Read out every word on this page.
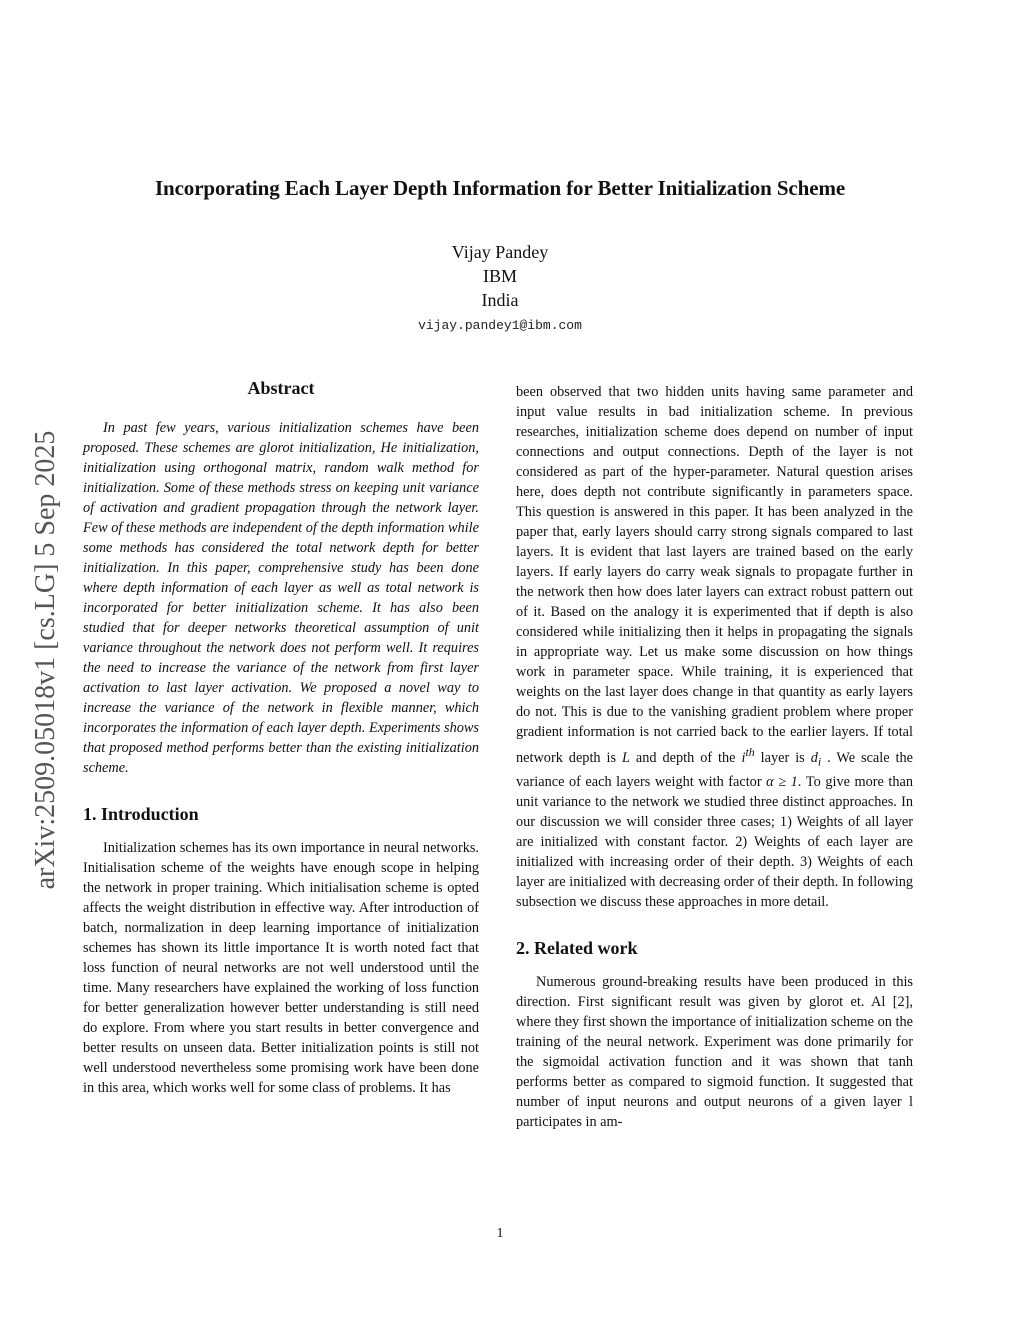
Incorporating Each Layer Depth Information for Better Initialization Scheme
Vijay Pandey
IBM
India
vijay.pandey1@ibm.com
arXiv:2509.05018v1 [cs.LG] 5 Sep 2025
Abstract

In past few years, various initialization schemes have been proposed. These schemes are glorot initialization, He initialization, initialization using orthogonal matrix, random walk method for initialization. Some of these methods stress on keeping unit variance of activation and gradient propagation through the network layer. Few of these methods are independent of the depth information while some methods has considered the total network depth for better initialization. In this paper, comprehensive study has been done where depth information of each layer as well as total network is incorporated for better initialization scheme. It has also been studied that for deeper networks theoretical assumption of unit variance throughout the network does not perform well. It requires the need to increase the variance of the network from first layer activation to last layer activation. We proposed a novel way to increase the variance of the network in flexible manner, which incorporates the information of each layer depth. Experiments shows that proposed method performs better than the existing initialization scheme.

1. Introduction

Initialization schemes has its own importance in neural networks. Initialisation scheme of the weights have enough scope in helping the network in proper training. Which initialisation scheme is opted affects the weight distribution in effective way. After introduction of batch, normalization in deep learning importance of initialization schemes has shown its little importance It is worth noted fact that loss function of neural networks are not well understood until the time. Many researchers have explained the working of loss function for better generalization however better understanding is still need do explore. From where you start results in better convergence and better results on unseen data. Better initialization points is still not well understood nevertheless some promising work have been done in this area, which works well for some class of problems. It has

been observed that two hidden units having same parameter and input value results in bad initialization scheme. In previous researches, initialization scheme does depend on number of input connections and output connections. Depth of the layer is not considered as part of the hyper-parameter. Natural question arises here, does depth not contribute significantly in parameters space. This question is answered in this paper. It has been analyzed in the paper that, early layers should carry strong signals compared to last layers. It is evident that last layers are trained based on the early layers. If early layers do carry weak signals to propagate further in the network then how does later layers can extract robust pattern out of it. Based on the analogy it is experimented that if depth is also considered while initializing then it helps in propagating the signals in appropriate way. Let us make some discussion on how things work in parameter space. While training, it is experienced that weights on the last layer does change in that quantity as early layers do not. This is due to the vanishing gradient problem where proper gradient information is not carried back to the earlier layers. If total network depth is L and depth of the $i^{th}$ layer is $d_i$ . We scale the variance of each layers weight with factor α ≥ 1. To give more than unit variance to the network we studied three distinct approaches. In our discussion we will consider three cases; 1) Weights of all layer are initialized with constant factor. 2) Weights of each layer are initialized with increasing order of their depth. 3) Weights of each layer are initialized with decreasing order of their depth. In following subsection we discuss these approaches in more detail.

2. Related work

Numerous ground-breaking results have been produced in this direction. First significant result was given by glorot et. Al [2], where they first shown the importance of initialization scheme on the training of the neural network. Experiment was done primarily for the sigmoidal activation function and it was shown that tanh performs better as compared to sigmoid function. It suggested that number of input neurons and output neurons of a given layer l participates in am-

1
